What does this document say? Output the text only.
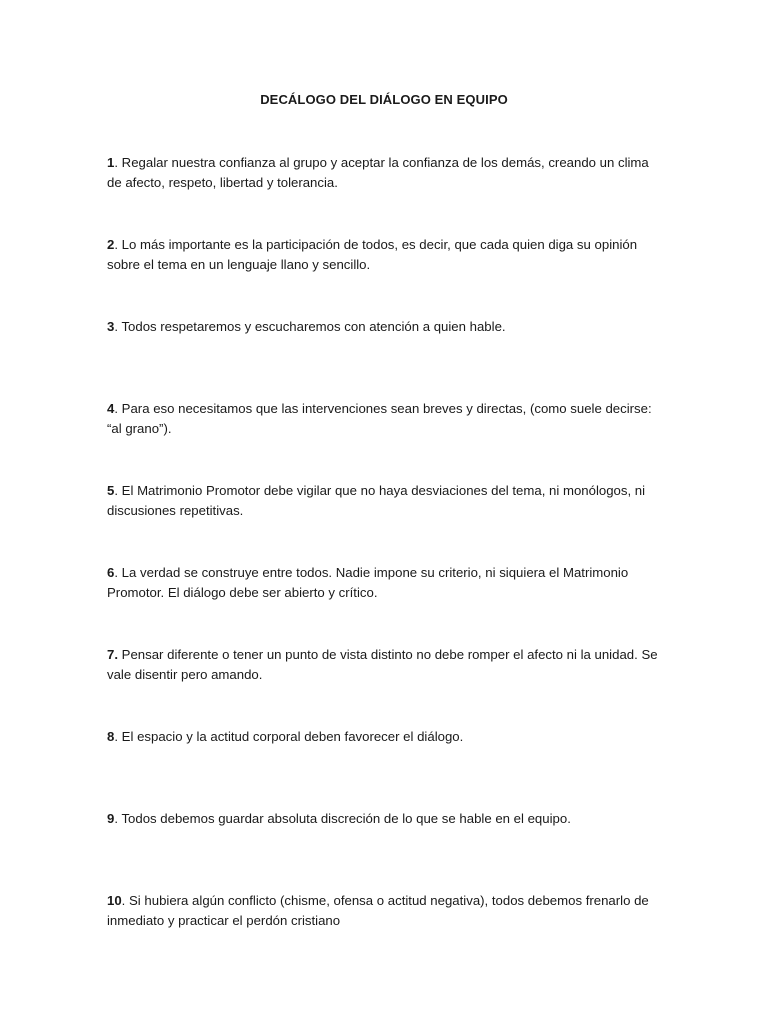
DECÁLOGO DEL DIÁLOGO EN EQUIPO
1. Regalar nuestra confianza al grupo y aceptar la confianza de los demás, creando un clima de afecto, respeto, libertad y tolerancia.
2. Lo más importante es la participación de todos, es decir, que cada quien diga su opinión sobre el tema en un lenguaje llano y sencillo.
3. Todos respetaremos y escucharemos con atención a quien hable.
4. Para eso necesitamos que las intervenciones sean breves y directas, (como suele decirse: “al grano”).
5. El Matrimonio Promotor debe vigilar que no haya desviaciones del tema, ni monólogos, ni discusiones repetitivas.
6. La verdad se construye entre todos. Nadie impone su criterio, ni siquiera el Matrimonio Promotor. El diálogo debe ser abierto y crítico.
7. Pensar diferente o tener un punto de vista distinto no debe romper el afecto ni la unidad. Se vale disentir pero amando.
8. El espacio y la actitud corporal deben favorecer el diálogo.
9. Todos debemos guardar absoluta discreción de lo que se hable en el equipo.
10. Si hubiera algún conflicto (chisme, ofensa o actitud negativa), todos debemos frenarlo de inmediato y practicar el perdón cristiano
